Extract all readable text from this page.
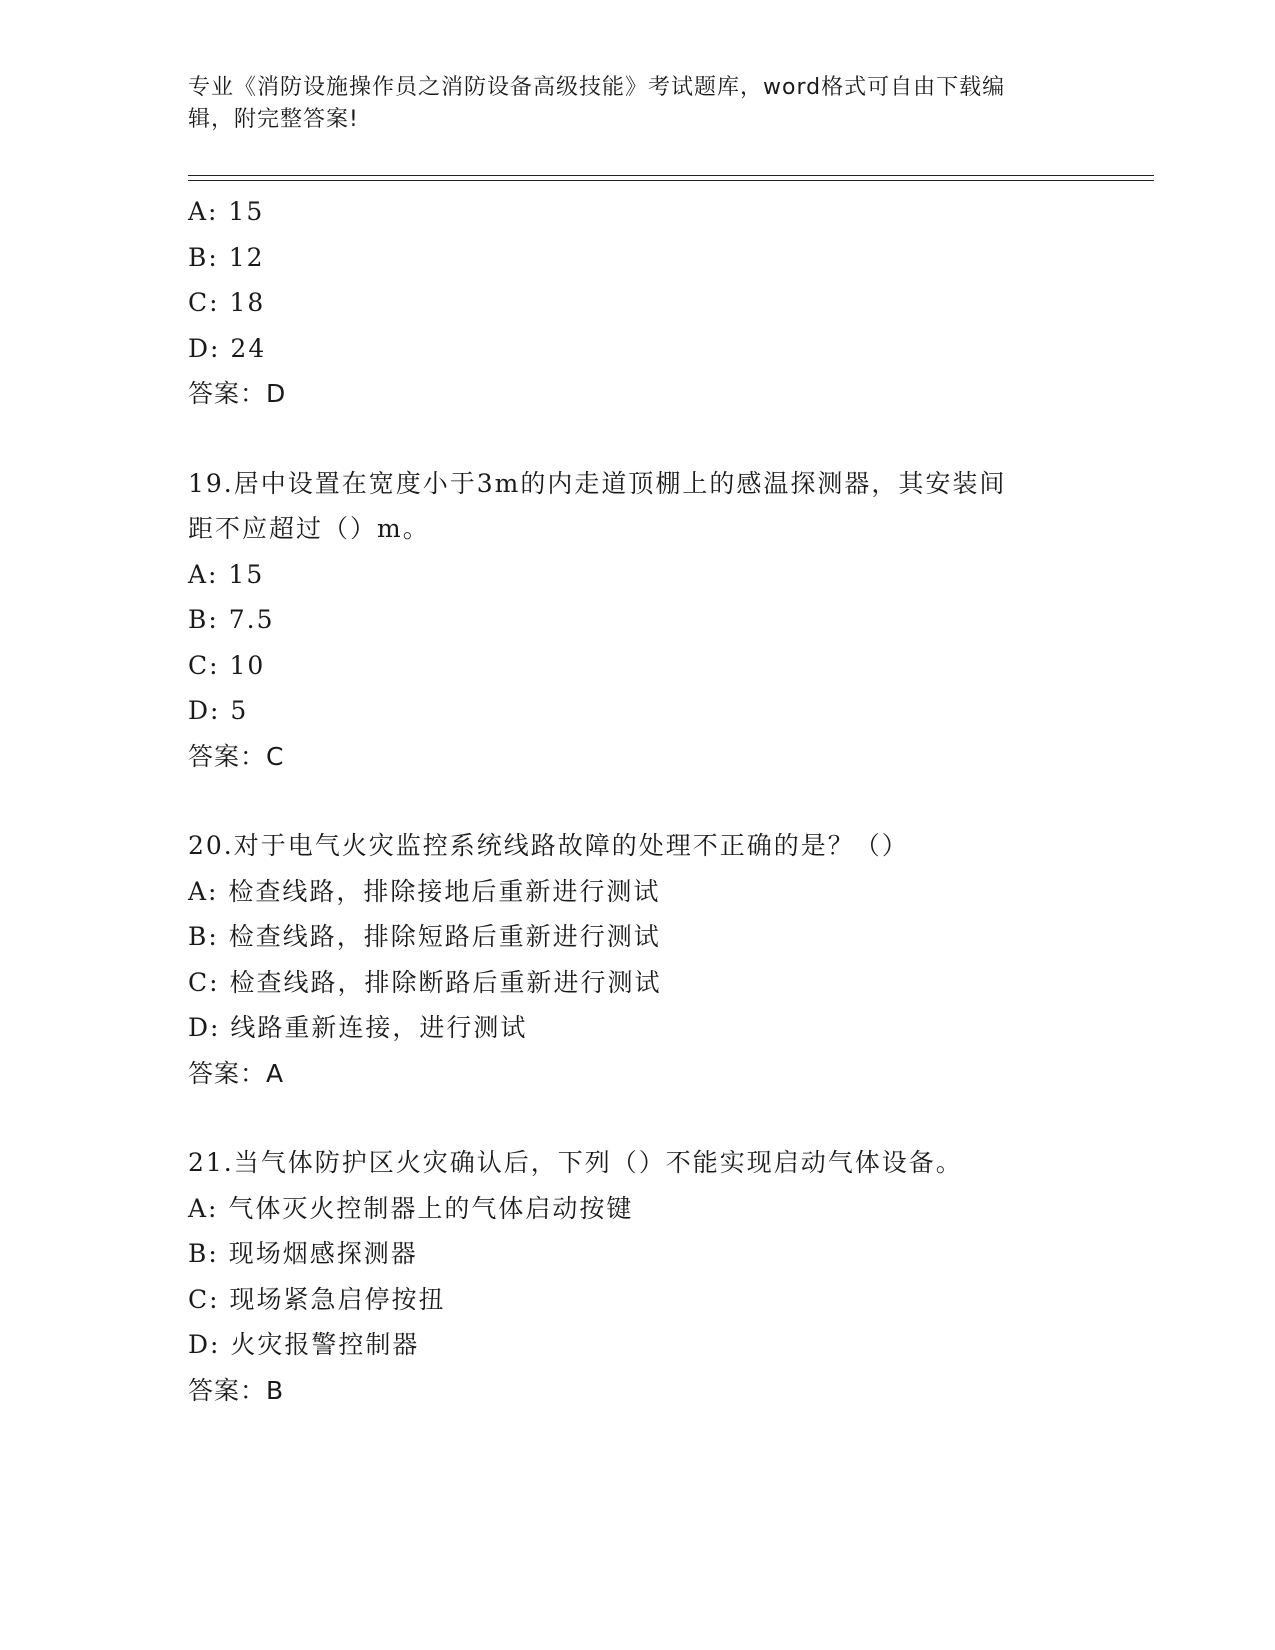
专业《消防设施操作员之消防设备高级技能》考试题库，word格式可自由下载编
辑，附完整答案!
A: 15
B: 12
C: 18
D: 24
答案：D
19.居中设置在宽度小于3m的内走道顶棚上的感温探测器，其安装间
距不应超过（）m。
A: 15
B: 7.5
C: 10
D: 5
答案：C
20.对于电气火灾监控系统线路故障的处理不正确的是？（）
A: 检查线路，排除接地后重新进行测试
B: 检查线路，排除短路后重新进行测试
C: 检查线路，排除断路后重新进行测试
D: 线路重新连接，进行测试
答案：A
21.当气体防护区火灾确认后，下列（）不能实现启动气体设备。
A: 气体灭火控制器上的气体启动按键
B: 现场烟感探测器
C: 现场紧急启停按扭
D: 火灾报警控制器
答案：B
